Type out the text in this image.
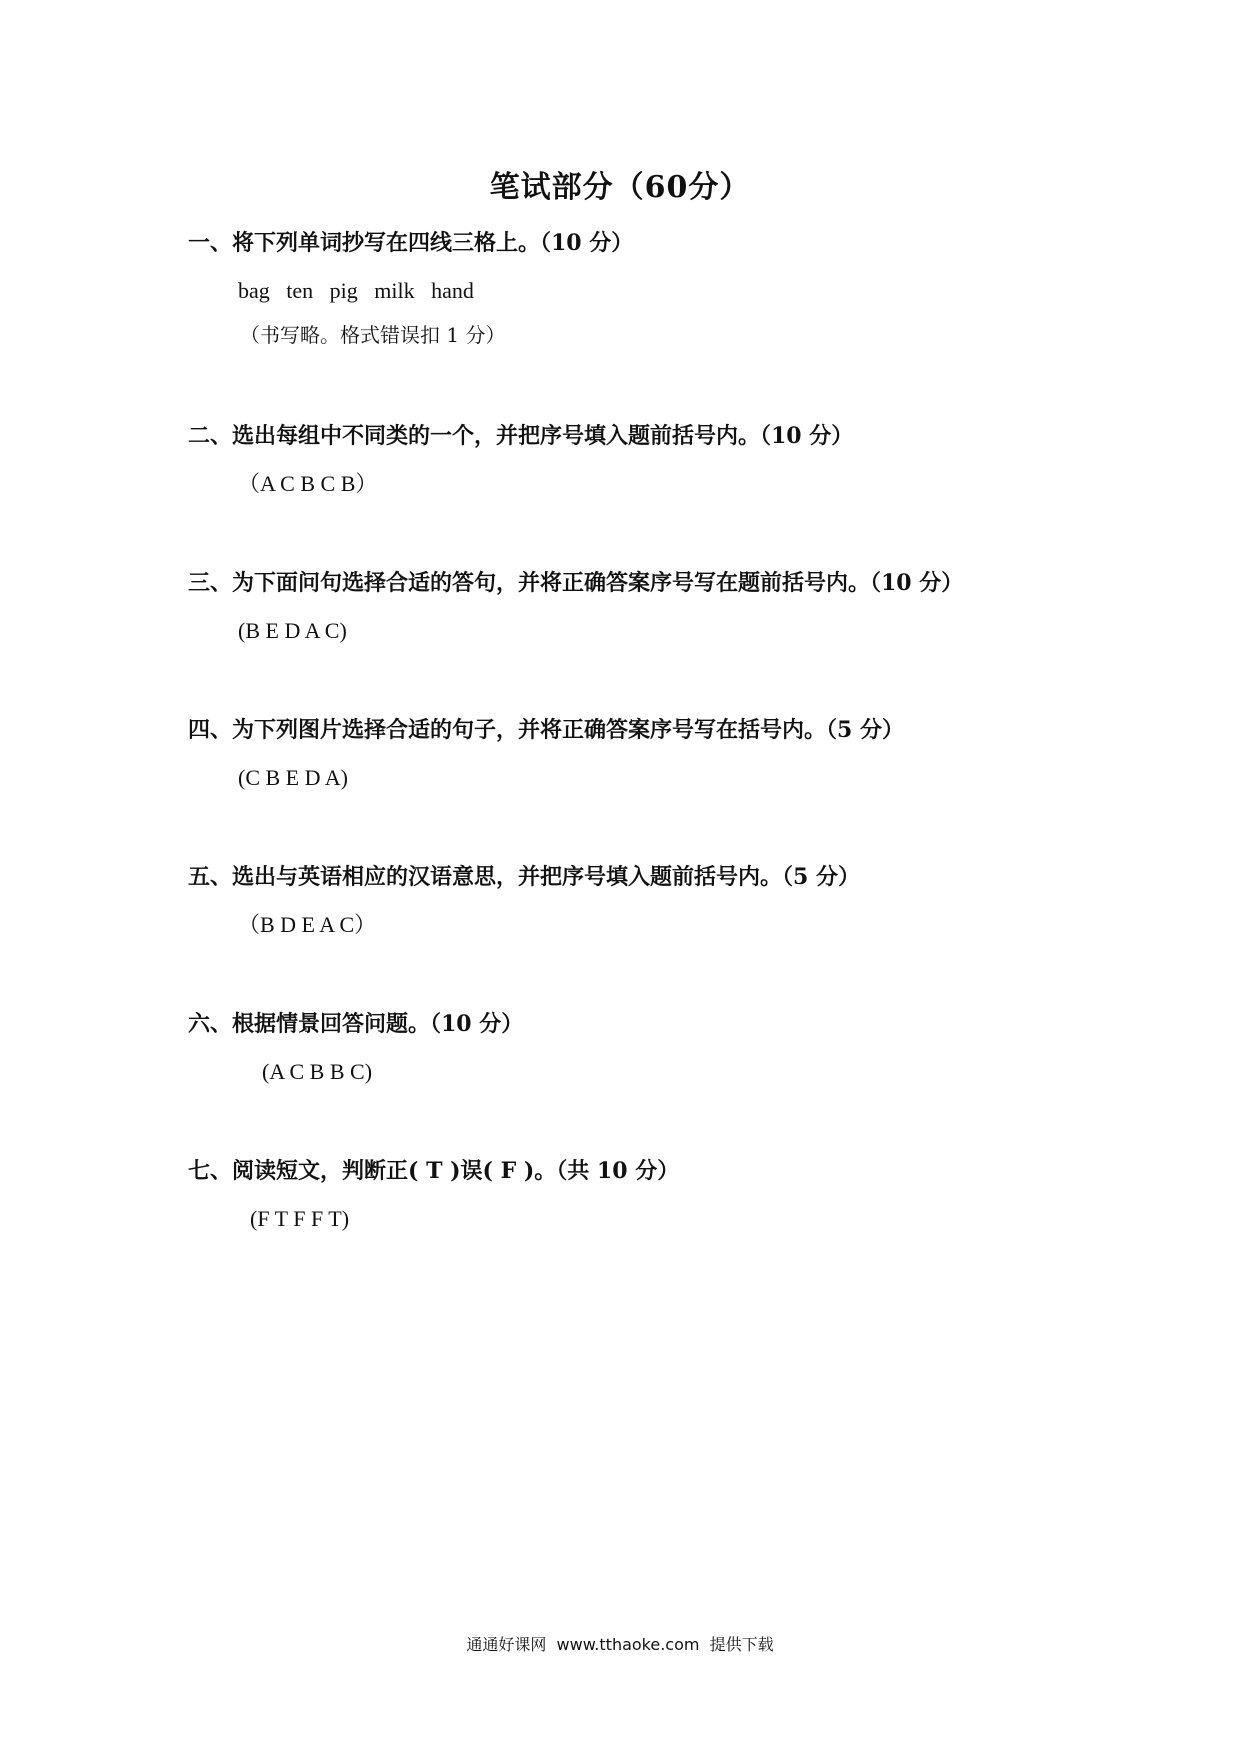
笔试部分（60分）
一、将下列单词抄写在四线三格上。（10 分）
bag   ten   pig   milk   hand
（书写略。格式错误扣 1 分）
二、选出每组中不同类的一个，并把序号填入题前括号内。（10 分）
（A C B C B）
三、为下面问句选择合适的答句，并将正确答案序号写在题前括号内。（10 分）
(B E D A C)
四、为下列图片选择合适的句子，并将正确答案序号写在括号内。（5 分）
(C B E D A)
五、选出与英语相应的汉语意思，并把序号填入题前括号内。（5 分）
（B D E A C）
六、根据情景回答问题。（10 分）
(A C B B C)
七、阅读短文，判断正( T )误( F )。（共 10 分）
(F T F F T)
通通好课网  www.tthaoke.com  提供下载
